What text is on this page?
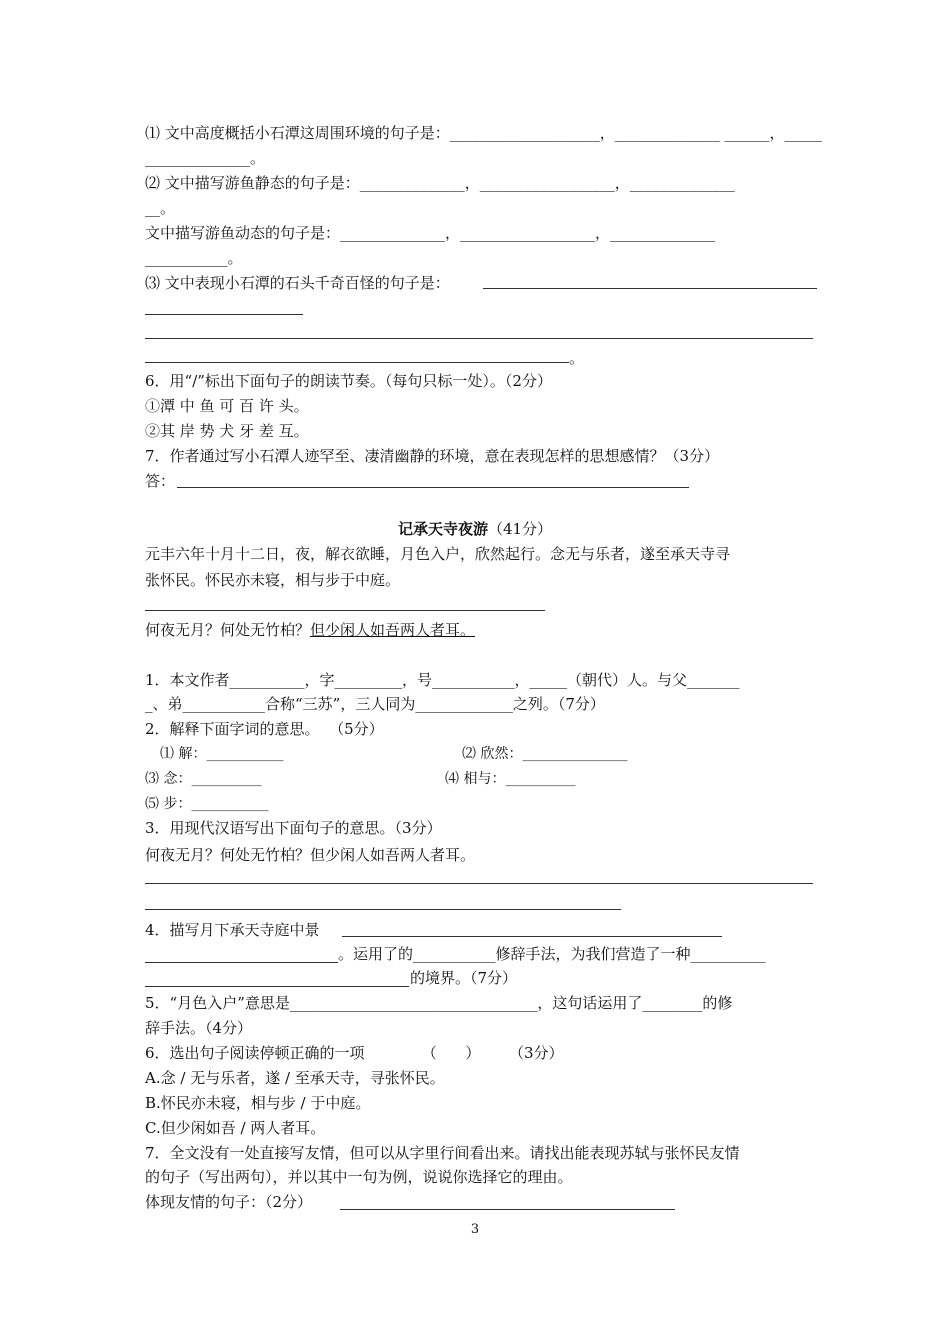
⑴ 文中高度概括小石潭这周围环境的句子是：____________________，______________ ______，_____
______________。
⑵ 文中描写游鱼静态的句子是：______________，__________________，______________
__。
文中描写游鱼动态的句子是：______________，__________________，______________
___________。
⑶ 文中表现小石潭的石头千奇百怪的句子是：
。
6．用“/”标出下面句子的朗读节奏。（每句只标一处）。（2分）
①潭 中 鱼 可 百 许 头。
②其 岸 势 犬 牙 差 互。
7．作者通过写小石潭人迹罕至、凄清幽静的环境，意在表现怎样的思想感情？（3分）
答：
记承天寺夜游（41分）
元丰六年十月十二日，夜，解衣欲睡，月色入户，欣然起行。念无与乐者，遂至承天寺寻
张怀民。怀民亦未寝，相与步于中庭。
何夜无月？何处无竹柏？但少闲人如吾两人者耳。
1．本文作者__________，字_________，号___________，_____（朝代）人。与父_______
_、弟___________合称“三苏”，三人同为_____________之列。（7分）
2．解释下面字词的意思。  （5分）
⑴ 解：___________	⑵ 欣然：_______________
⑶ 念：__________	⑷ 相与：__________
⑸ 步：___________
3．用现代汉语写出下面句子的意思。（3分）
何夜无月？何处无竹柏？但少闲人如吾两人者耳。
4．描写月下承天寺庭中景
。运用了的___________修辞手法，为我们营造了一种__________
的境界。（7分）
5．“月色入户”意思是_________________________________，这句话运用了________的修
辞手法。（4分）
6．选出句子阅读停顿正确的一项            （      ）      （3分）
A.念 / 无与乐者，遂 / 至承天寺，寻张怀民。
B.怀民亦未寝，相与步 / 于中庭。
C.但少闲如吾 / 两人者耳。
7．全文没有一处直接写友情，但可以从字里行间看出来。请找出能表现苏轼与张怀民友情
的句子（写出两句），并以其中一句为例，说说你选择它的理由。
体现友情的句子：（2分）
3
